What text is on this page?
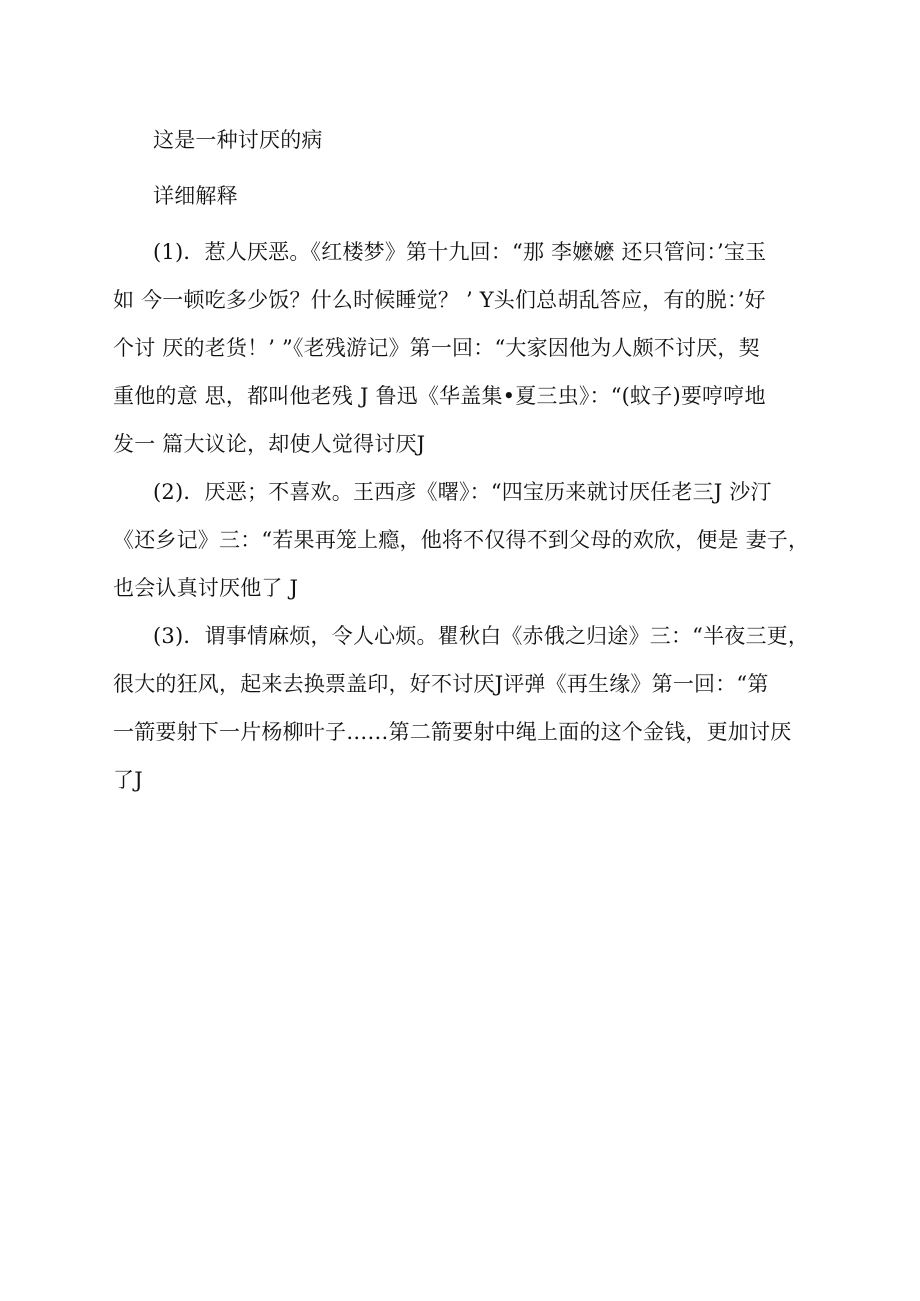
这是一种讨厌的病
详细解释
(1)．惹人厌恶。《红楼梦》第十九回：“那 李嬷嬷 还只管问：’宝玉
如 今一顿吃多少饭？什么时候睡觉？ ’ Y头们总胡乱答应，有的脱：’好
个讨 厌的老货！’ ”《老残游记》第一回：“大家因他为人颇不讨厌，契
重他的意 思，都叫他老残 J 鲁迅《华盖集•夏三虫》：“(蚊子)要哼哼地
发一 篇大议论，却使人觉得讨厌J
(2)．厌恶；不喜欢。王西彦《曙》：“四宝历来就讨厌任老三J 沙汀
《还乡记》三：“若果再笼上瘾，他将不仅得不到父母的欢欣，便是 妻子，
也会认真讨厌他了 J
(3)．谓事情麻烦，令人心烦。瞿秋白《赤俄之归途》三：“半夜三更，
很大的狂风，起来去换票盖印，好不讨厌J评弹《再生缘》第一回：“第
一箭要射下一片杨柳叶子……第二箭要射中绳上面的这个金钱，更加讨厌
了J
